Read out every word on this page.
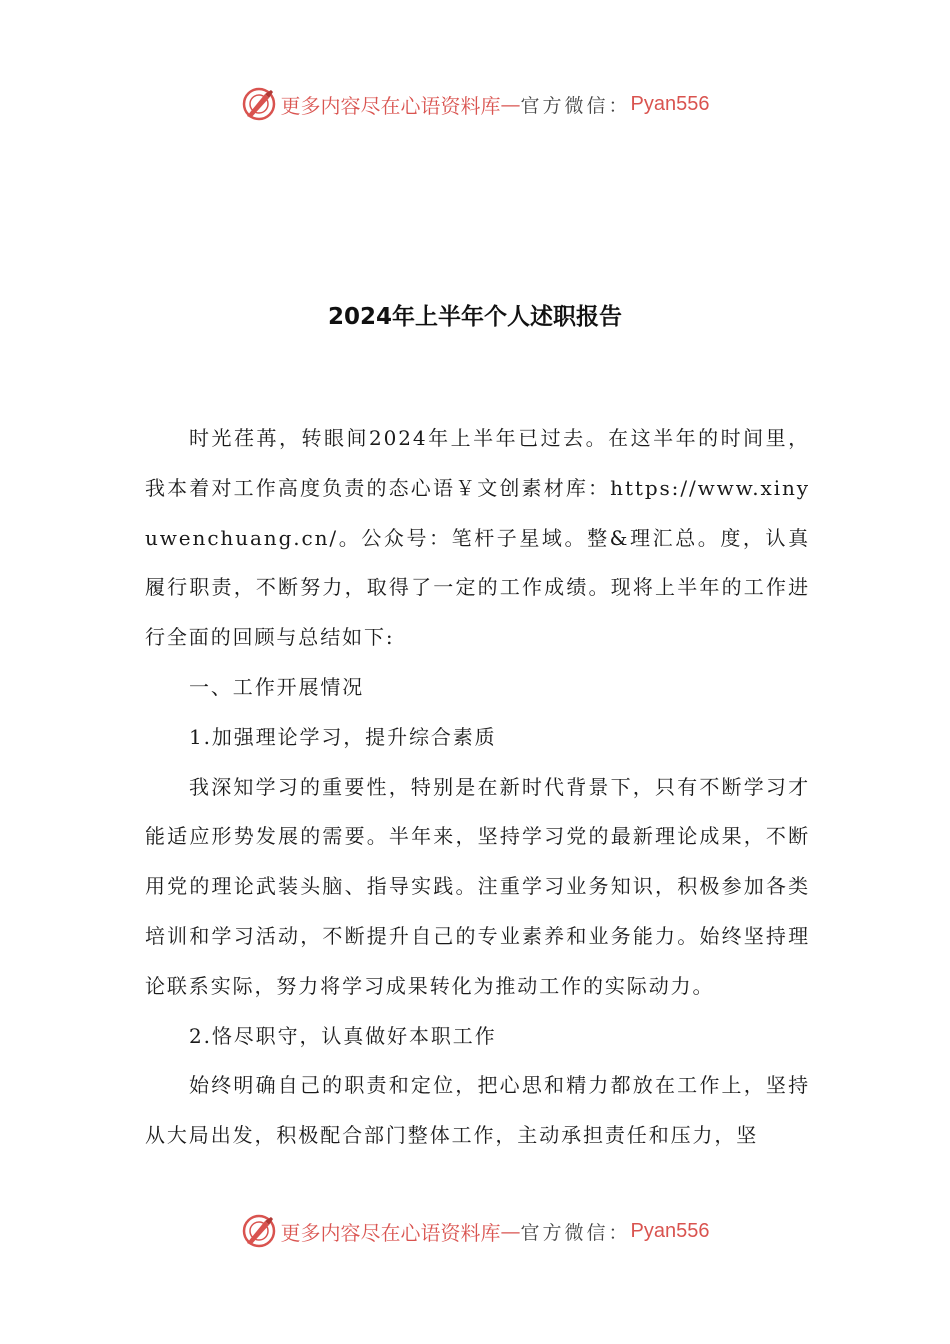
更多内容尽在心语资料库 — 官方微信： Pyan556
2024年上半年个人述职报告

时光荏苒，转眼间2024年上半年已过去。在这半年的时间里，我本着对工作高度负责的态心语￥文创素材库：https://www.xinyuwenchuang.cn/。公众号：笔杆子星域。整&理汇总。度，认真履行职责，不断努力，取得了一定的工作成绩。现将上半年的工作进行全面的回顾与总结如下:

一、工作开展情况

1.加强理论学习，提升综合素质

我深知学习的重要性，特别是在新时代背景下，只有不断学习才能适应形势发展的需要。半年来，坚持学习党的最新理论成果，不断用党的理论武装头脑、指导实践。注重学习业务知识，积极参加各类培训和学习活动，不断提升自己的专业素养和业务能力。始终坚持理论联系实际，努力将学习成果转化为推动工作的实际动力。

2.恪尽职守，认真做好本职工作

始终明确自己的职责和定位，把心思和精力都放在工作上，坚持从大局出发，积极配合部门整体工作，主动承担责任和压力，坚

更多内容尽在心语资料库 — 官方微信： Pyan556
